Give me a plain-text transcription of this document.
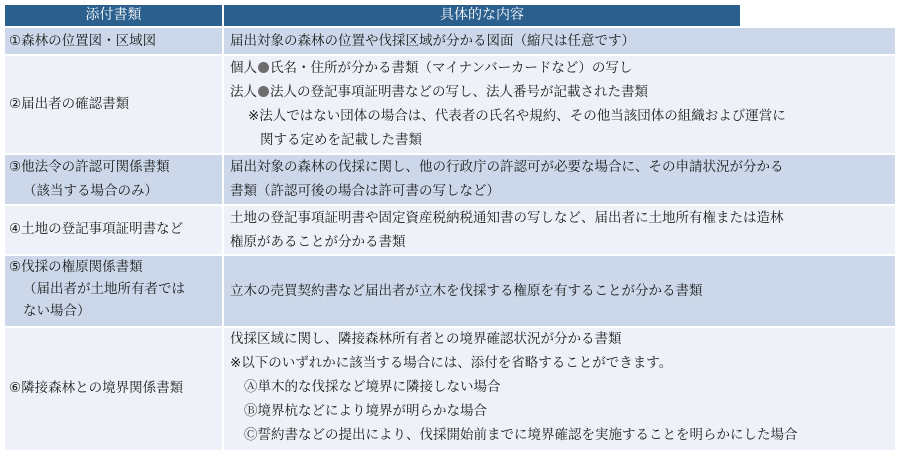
添付書類	具体的な内容
①森林の位置図・区域図	届出対象の森林の位置や伐採区域が分かる図面（縮尺は任意です）
②届出者の確認書類
個人 氏名・住所が分かる書類（マイナンバーカードなど）の写し
法人 法人の登記事項証明書などの写し、法人番号が記載された書類
※法人ではない団体の場合は、代表者の氏名や規約、その他当該団体の組織および運営に
関する定めを記載した書類
③他法令の許認可関係書類
（該当する場合のみ）
届出対象の森林の伐採に関し、他の行政庁の許認可が必要な場合に、その申請状況が分かる
書類（許認可後の場合は許可書の写しなど）
④土地の登記事項証明書など
土地の登記事項証明書や固定資産税納税通知書の写しなど、届出者に土地所有権または造林
権原があることが分かる書類
⑤伐採の権原関係書類
（届出者が土地所有者では
ない場合）
立木の売買契約書など届出者が立木を伐採する権原を有することが分かる書類
⑥隣接森林との境界関係書類
伐採区域に関し、隣接森林所有者との境界確認状況が分かる書類
※以下のいずれかに該当する場合には、添付を省略することができます。
Ⓐ単木的な伐採など境界に隣接しない場合
Ⓑ境界杭などにより境界が明らかな場合
Ⓒ誓約書などの提出により、伐採開始前までに境界確認を実施することを明らかにした場合
